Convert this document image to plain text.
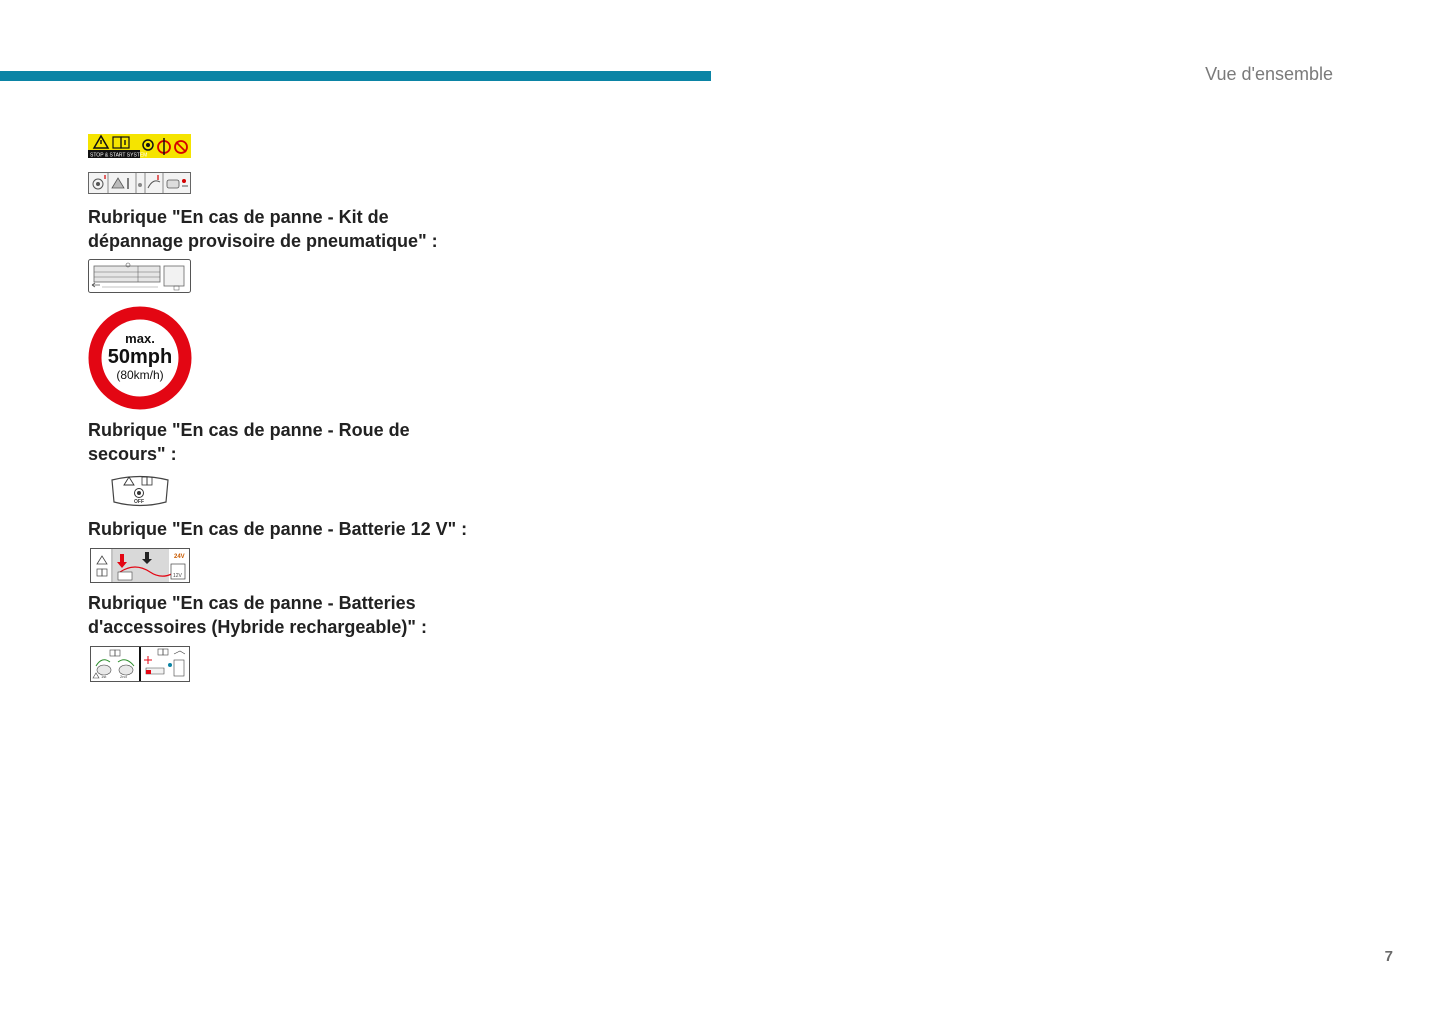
Vue d'ensemble
STOP & START SYSTEM
Rubrique "En cas de panne - Kit de
dépannage provisoire de pneumatique" :
max.
50mph
(80km/h)
Rubrique "En cas de panne - Roue de
secours" :
OFF
Rubrique "En cas de panne - Batterie 12 V" :
24V
12V
Rubrique "En cas de panne - Batteries
d'accessoires (Hybride rechargeable)" :
1st	2nd
7
